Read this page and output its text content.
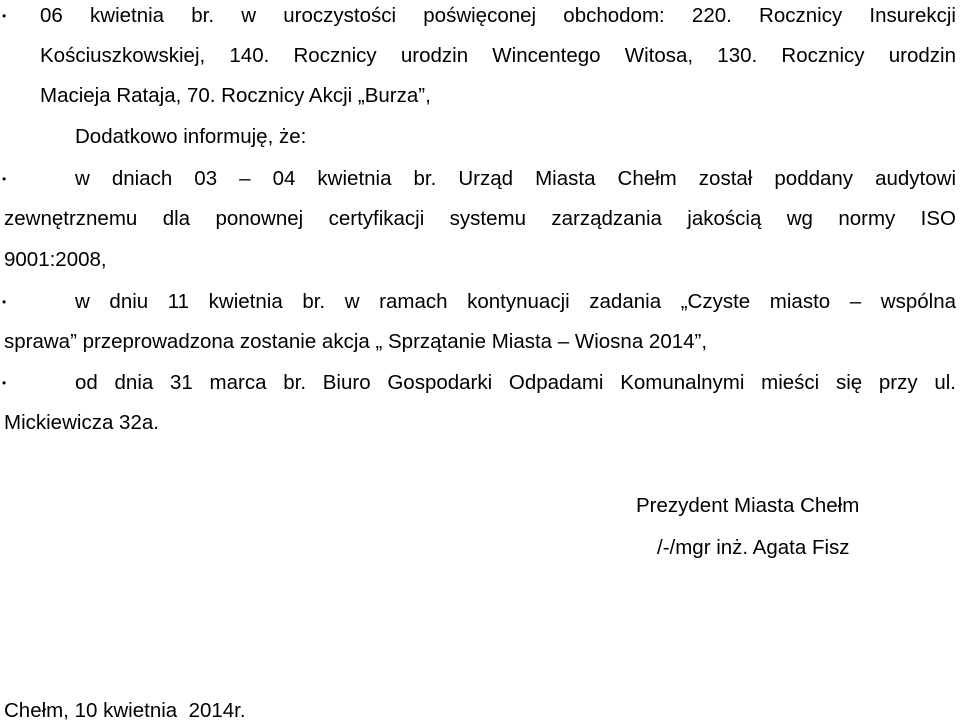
• 06 kwietnia br. w uroczystości poświęconej obchodom: 220. Rocznicy Insurekcji
Kościuszkowskiej, 140. Rocznicy urodzin Wincentego Witosa, 130. Rocznicy urodzin
Macieja Rataja, 70. Rocznicy Akcji „Burza”,
Dodatkowo informuję, że:
•	w dniach 03 – 04 kwietnia br. Urząd Miasta Chełm został poddany audytowi
zewnętrznemu dla ponownej certyfikacji systemu zarządzania jakością wg normy ISO
9001:2008,
•	w dniu 11 kwietnia br. w ramach kontynuacji zadania „Czyste miasto – wspólna
sprawa” przeprowadzona zostanie akcja „ Sprzątanie Miasta – Wiosna 2014”,
•	od dnia 31 marca br. Biuro Gospodarki Odpadami Komunalnymi mieści się przy ul.
Mickiewicza 32a.
Prezydent Miasta Chełm
/-/mgr inż. Agata Fisz
Chełm, 10 kwietnia  2014r.
